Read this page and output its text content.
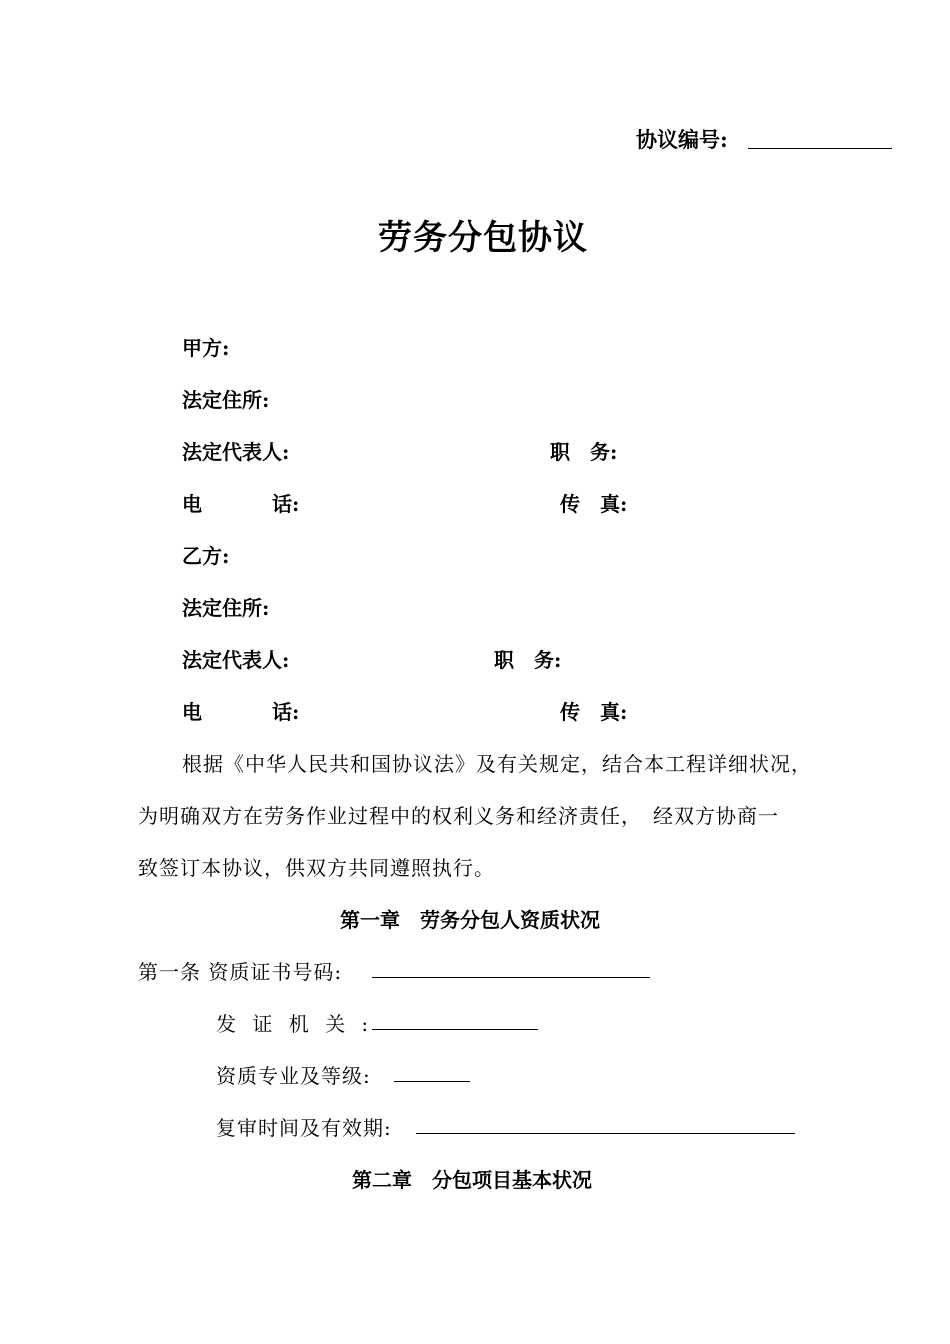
协议编号:
劳务分包协议
甲方:
法定住所:
法定代表人:	职　务:
电	话:	传　真:
乙方:
法定住所:
法定代表人:	职　务:
电	话:	传　真:
根据《中华人民共和国协议法》及有关规定，结合本工程详细状况，
为明确双方在劳务作业过程中的权利义务和经济责任，　经双方协商一
致签订本协议，供双方共同遵照执行。
第一章　劳务分包人资质状况
第一条 资质证书号码:
发 证 机 关 :
资质专业及等级:
复审时间及有效期:
第二章　分包项目基本状况
